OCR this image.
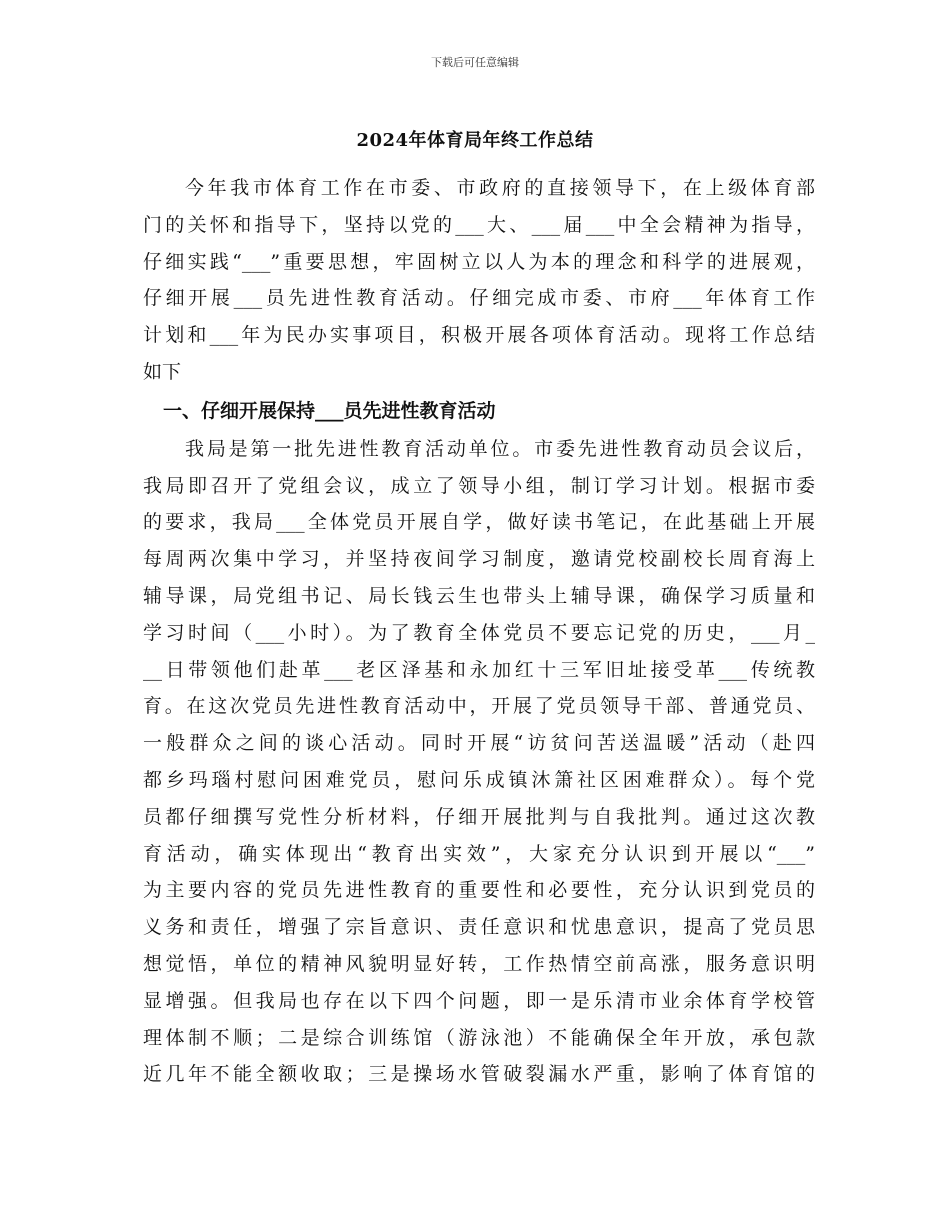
下载后可任意编辑
2024年体育局年终工作总结
今年我市体育工作在市委、市政府的直接领导下，在上级体育部
门的关怀和指导下，坚持以党的___大、___届___中全会精神为指导，
仔细实践“___”重要思想，牢固树立以人为本的理念和科学的进展观，
仔细开展___员先进性教育活动。仔细完成市委、市府___年体育工作
计划和___年为民办实事项目，积极开展各项体育活动。现将工作总结
如下
一、仔细开展保持___员先进性教育活动
我局是第一批先进性教育活动单位。市委先进性教育动员会议后，
我局即召开了党组会议，成立了领导小组，制订学习计划。根据市委
的要求，我局___全体党员开展自学，做好读书笔记，在此基础上开展
每周两次集中学习，并坚持夜间学习制度，邀请党校副校长周育海上
辅导课，局党组书记、局长钱云生也带头上辅导课，确保学习质量和
学习时间（___小时）。为了教育全体党员不要忘记党的历史，___月_
__日带领他们赴革___老区泽基和永加红十三军旧址接受革___传统教
育。在这次党员先进性教育活动中，开展了党员领导干部、普通党员、
一般群众之间的谈心活动。同时开展“访贫问苦送温暖”活动（赴四
都乡玛瑙村慰问困难党员，慰问乐成镇沐箫社区困难群众）。每个党
员都仔细撰写党性分析材料，仔细开展批判与自我批判。通过这次教
育活动，确实体现出“教育出实效”，大家充分认识到开展以“___”
为主要内容的党员先进性教育的重要性和必要性，充分认识到党员的
义务和责任，增强了宗旨意识、责任意识和忧患意识，提高了党员思
想觉悟，单位的精神风貌明显好转，工作热情空前高涨，服务意识明
显增强。但我局也存在以下四个问题，即一是乐清市业余体育学校管
理体制不顺；二是综合训练馆（游泳池）不能确保全年开放，承包款
近几年不能全额收取；三是操场水管破裂漏水严重，影响了体育馆的
